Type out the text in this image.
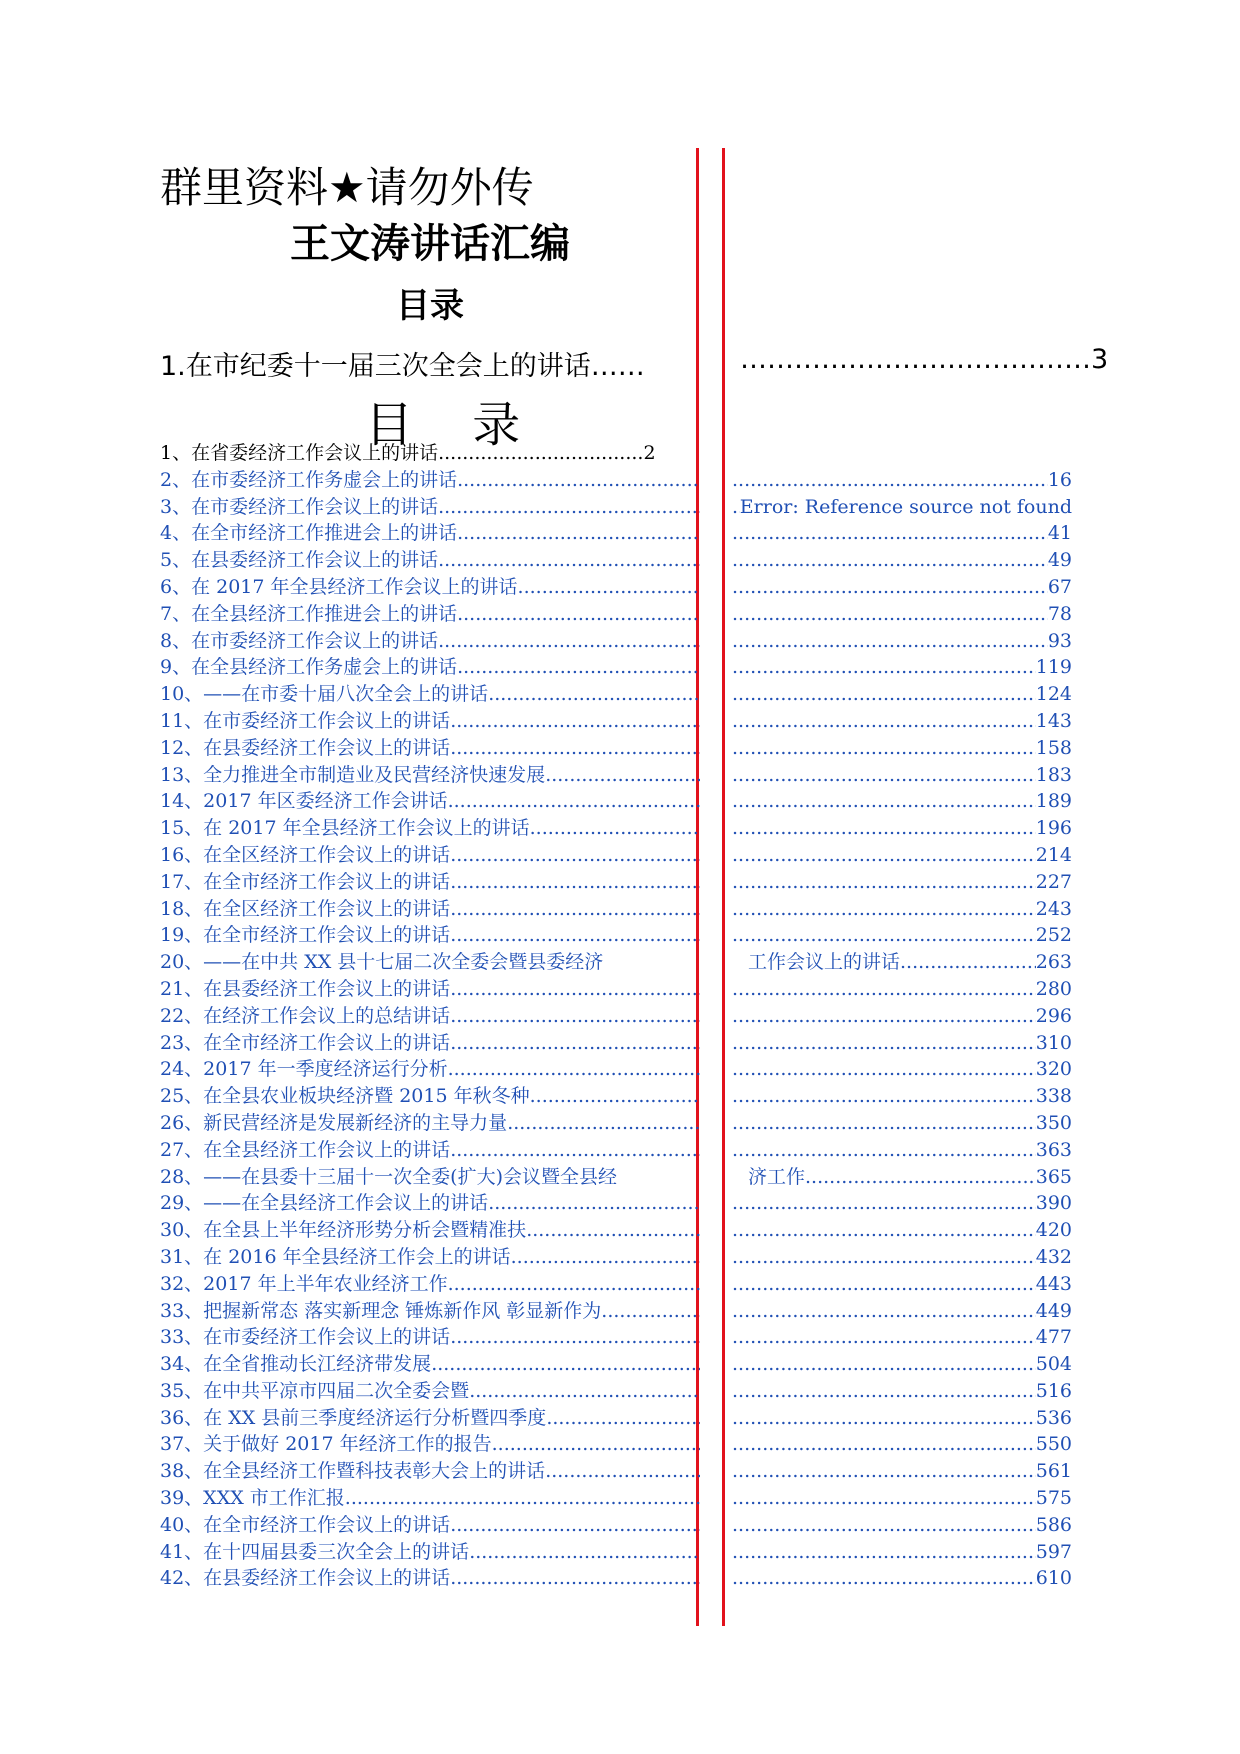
群里资料★请勿外传
王文涛讲话汇编
目录
1.在市纪委十一届三次全会上的讲话……	…………………………………3
目 录
1、在省委经济工作会议上的讲话..................................2
2、在市委经济工作务虚会上的讲话 ..... .....	16
3、在市委经济工作会议上的讲话 ..... .....	Error: Reference source not found
4、在全市经济工作推进会上的讲话 ..... .....	41
5、在县委经济工作会议上的讲话 ..... .....	49
6、在 2017 年全县经济工作会议上的讲话 ..... .....	67
7、在全县经济工作推进会上的讲话 ..... .....	78
8、在市委经济工作会议上的讲话 ..... .....	93
9、在全县经济工作务虚会上的讲话 ..... .....	119
10、——在市委十届八次全会上的讲话 ..... .....	124
11、在市委经济工作会议上的讲话 ..... .....	143
12、在县委经济工作会议上的讲话 ..... .....	158
13、全力推进全市制造业及民营经济快速发展 ..... .....	183
14、2017 年区委经济工作会讲话 ..... .....	189
15、在 2017 年全县经济工作会议上的讲话 ..... .....	196
16、在全区经济工作会议上的讲话 ..... .....	214
17、在全市经济工作会议上的讲话 ..... .....	227
18、在全区经济工作会议上的讲话 ..... .....	243
19、在全市经济工作会议上的讲话 ..... .....	252
20、——在中共 XX 县十七届二次全委会暨县委经济	工作会议上的讲话 .....	263
21、在县委经济工作会议上的讲话 ..... .....	280
22、在经济工作会议上的总结讲话 ..... .....	296
23、在全市经济工作会议上的讲话 ..... .....	310
24、2017 年一季度经济运行分析 ..... .....	320
25、在全县农业板块经济暨 2015 年秋冬种 ..... .....	338
26、新民营经济是发展新经济的主导力量 ..... .....	350
27、在全县经济工作会议上的讲话 ..... .....	363
28、——在县委十三届十一次全委(扩大)会议暨全县经	济工作 .....	365
29、——在全县经济工作会议上的讲话 ..... .....	390
30、在全县上半年经济形势分析会暨精准扶 ..... .....	420
31、在 2016 年全县经济工作会上的讲话 ..... .....	432
32、2017 年上半年农业经济工作 ..... .....	443
33、把握新常态 落实新理念 锤炼新作风 彰显新作为 ..... .....	449
33、在市委经济工作会议上的讲话 ..... .....	477
34、在全省推动长江经济带发展 ..... .....	504
35、在中共平凉市四届二次全委会暨 ..... .....	516
36、在 XX 县前三季度经济运行分析暨四季度 ..... .....	536
37、关于做好 2017 年经济工作的报告 ..... .....	550
38、在全县经济工作暨科技表彰大会上的讲话 ..... .....	561
39、XXX 市工作汇报 ..... .....	575
40、在全市经济工作会议上的讲话 ..... .....	586
41、在十四届县委三次全会上的讲话 ..... .....	597
42、在县委经济工作会议上的讲话 ..... .....	610
